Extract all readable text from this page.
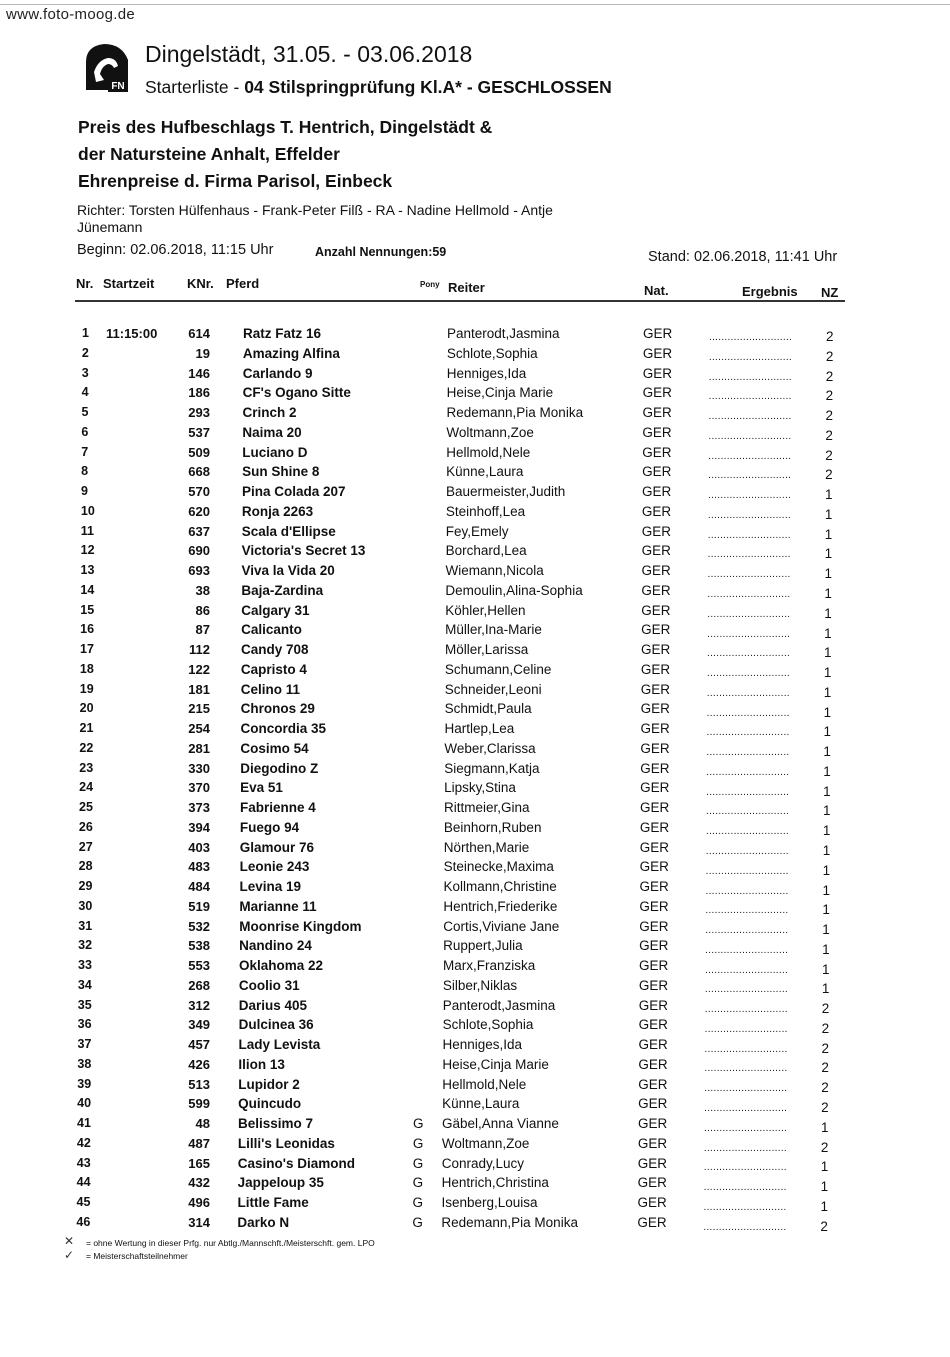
www.foto-moog.de
FN
Dingelstädt, 31.05. - 03.06.2018
Starterliste - 04 Stilspringprüfung Kl.A* - GESCHLOSSEN
Preis des Hufbeschlags T. Hentrich, Dingelstädt &
der Natursteine Anhalt, Effelder
Ehrenpreise d. Firma Parisol, Einbeck
Richter: Torsten Hülfenhaus - Frank-Peter Filß - RA - Nadine Hellmold - Antje Jünemann
Beginn: 02.06.2018, 11:15 Uhr	Anzahl Nennungen:59	Stand: 02.06.2018, 11:41 Uhr
Nr. Startzeit	KNr. Pferd	Pony Reiter	Nat.	Ergebnis NZ
1 11:15:00 614 Ratz Fatz 16	Panterodt,Jasmina	GER	...........................	2
2	19 Amazing Alfina	Schlote,Sophia	GER	...........................	2
3	146 Carlando 9	Henniges,Ida	GER	...........................	2
4	186 CF's Ogano Sitte	Heise,Cinja Marie	GER	...........................	2
5	293 Crinch 2	Redemann,Pia Monika	GER	...........................	2
6	537 Naima 20	Woltmann,Zoe	GER	...........................	2
7	509 Luciano D	Hellmold,Nele	GER	...........................	2
8	668 Sun Shine 8	Künne,Laura	GER	...........................	2
9	570 Pina Colada 207	Bauermeister,Judith	GER	...........................	1
10	620 Ronja 2263	Steinhoff,Lea	GER	...........................	1
11	637 Scala d'Ellipse	Fey,Emely	GER	...........................	1
12	690 Victoria's Secret 13	Borchard,Lea	GER	...........................	1
13	693 Viva la Vida 20	Wiemann,Nicola	GER	...........................	1
14	38 Baja-Zardina	Demoulin,Alina-Sophia	GER	...........................	1
15	86 Calgary 31	Köhler,Hellen	GER	...........................	1
16	87 Calicanto	Müller,Ina-Marie	GER	...........................	1
17	112 Candy 708	Möller,Larissa	GER	...........................	1
18	122 Capristo 4	Schumann,Celine	GER	...........................	1
19	181 Celino 11	Schneider,Leoni	GER	...........................	1
20	215 Chronos 29	Schmidt,Paula	GER	...........................	1
21	254 Concordia 35	Hartlep,Lea	GER	...........................	1
22	281 Cosimo 54	Weber,Clarissa	GER	...........................	1
23	330 Diegodino Z	Siegmann,Katja	GER	...........................	1
24	370 Eva 51	Lipsky,Stina	GER	...........................	1
25	373 Fabrienne 4	Rittmeier,Gina	GER	...........................	1
26	394 Fuego 94	Beinhorn,Ruben	GER	...........................	1
27	403 Glamour 76	Nörthen,Marie	GER	...........................	1
28	483 Leonie 243	Steinecke,Maxima	GER	...........................	1
29	484 Levina 19	Kollmann,Christine	GER	...........................	1
30	519 Marianne 11	Hentrich,Friederike	GER	...........................	1
31	532 Moonrise Kingdom	Cortis,Viviane Jane	GER	...........................	1
32	538 Nandino 24	Ruppert,Julia	GER	...........................	1
33	553 Oklahoma 22	Marx,Franziska	GER	...........................	1
34	268 Coolio 31	Silber,Niklas	GER	...........................	1
35	312 Darius 405	Panterodt,Jasmina	GER	...........................	2
36	349 Dulcinea 36	Schlote,Sophia	GER	...........................	2
37	457 Lady Levista	Henniges,Ida	GER	...........................	2
38	426 Ilion 13	Heise,Cinja Marie	GER	...........................	2
39	513 Lupidor 2	Hellmold,Nele	GER	...........................	2
40	599 Quincudo	Künne,Laura	GER	...........................	2
41	48 Belissimo 7	G Gäbel,Anna Vianne	GER	...........................	1
42	487 Lilli's Leonidas	G Woltmann,Zoe	GER	...........................	2
43	165 Casino's Diamond	G Conrady,Lucy	GER	...........................	1
44	432 Jappeloup 35	G Hentrich,Christina	GER	...........................	1
45	496 Little Fame	G Isenberg,Louisa	GER	...........................	1
46	314 Darko N	G Redemann,Pia Monika	GER	...........................	2
✕ = ohne Wertung in dieser Prfg. nur Abtlg./Mannschft./Meisterschft. gem. LPO
✓ = Meisterschaftsteilnehmer
